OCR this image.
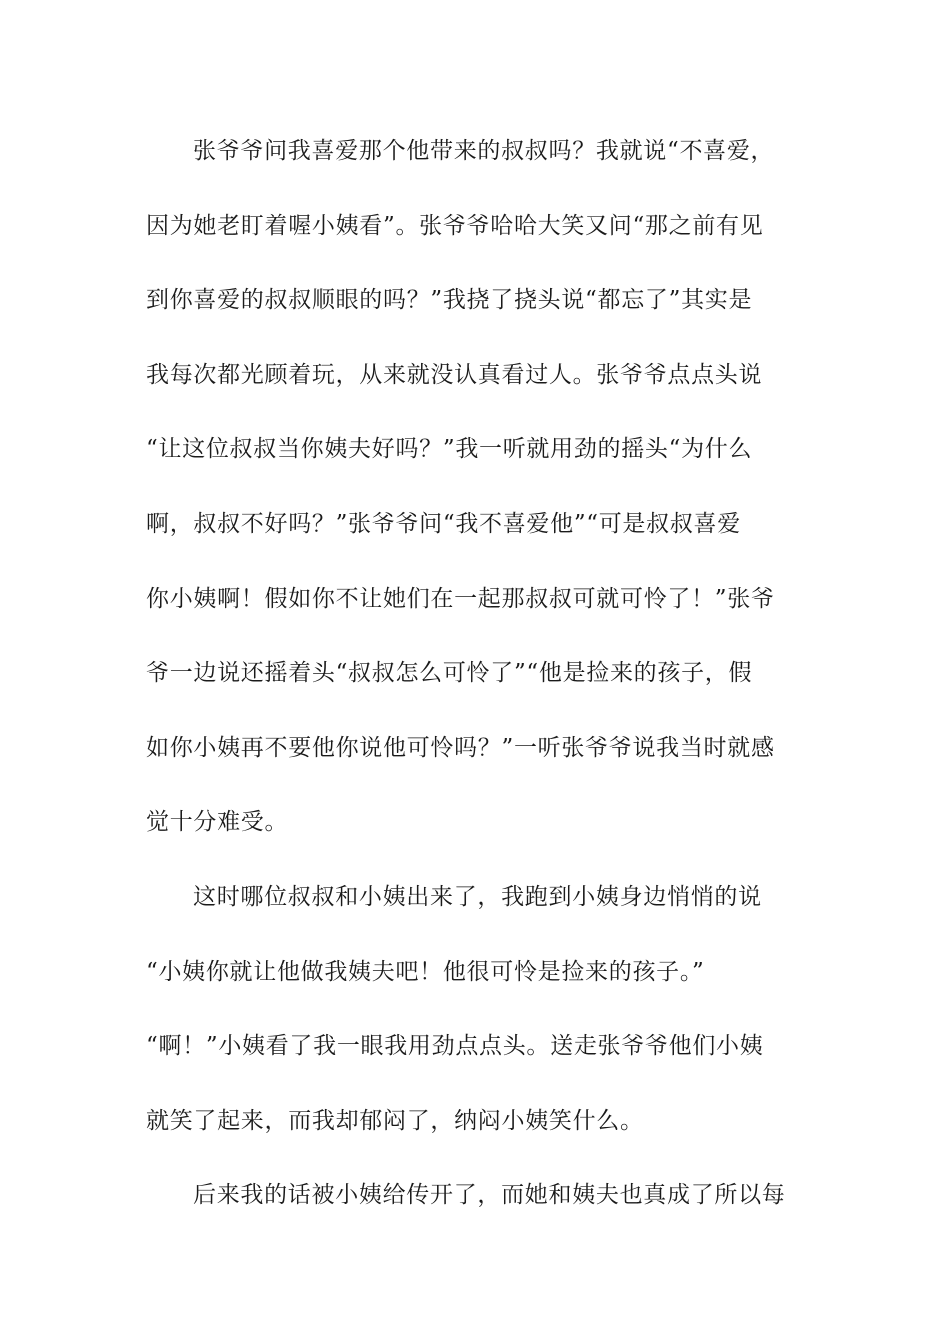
张爷爷问我喜爱那个他带来的叔叔吗？我就说“不喜爱，
因为她老盯着喔小姨看”。张爷爷哈哈大笑又问“那之前有见
到你喜爱的叔叔顺眼的吗？”我挠了挠头说“都忘了”其实是
我每次都光顾着玩，从来就没认真看过人。张爷爷点点头说
“让这位叔叔当你姨夫好吗？”我一听就用劲的摇头“为什么
啊，叔叔不好吗？”张爷爷问“我不喜爱他”“可是叔叔喜爱
你小姨啊！假如你不让她们在一起那叔叔可就可怜了！”张爷
爷一边说还摇着头“叔叔怎么可怜了”“他是捡来的孩子，假
如你小姨再不要他你说他可怜吗？”一听张爷爷说我当时就感
觉十分难受。
这时哪位叔叔和小姨出来了，我跑到小姨身边悄悄的说
“小姨你就让他做我姨夫吧！他很可怜是捡来的孩子。”
“啊！”小姨看了我一眼我用劲点点头。送走张爷爷他们小姨
就笑了起来，而我却郁闷了，纳闷小姨笑什么。
后来我的话被小姨给传开了，而她和姨夫也真成了所以每
